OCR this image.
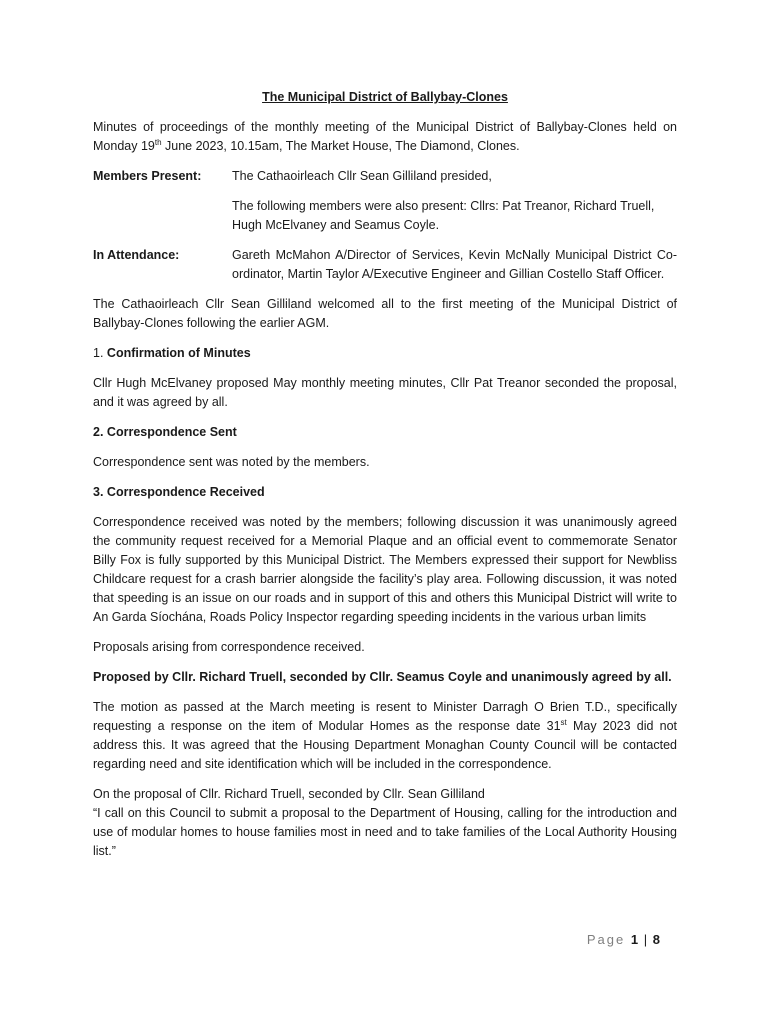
The Municipal District of Ballybay-Clones

Minutes of proceedings of the monthly meeting of the Municipal District of Ballybay-Clones held on Monday 19th June 2023, 10.15am, The Market House, The Diamond, Clones.

Members Present:	The Cathaoirleach Cllr Sean Gilliland presided,

The following members were also present: Cllrs: Pat Treanor, Richard Truell, Hugh McElvaney and Seamus Coyle.

In Attendance:	Gareth McMahon A/Director of Services, Kevin McNally Municipal District Co-ordinator, Martin Taylor A/Executive Engineer and Gillian Costello Staff Officer.

The Cathaoirleach Cllr Sean Gilliland welcomed all to the first meeting of the Municipal District of Ballybay-Clones following the earlier AGM.

1. Confirmation of Minutes

Cllr Hugh McElvaney proposed May monthly meeting minutes, Cllr Pat Treanor seconded the proposal, and it was agreed by all.

2. Correspondence Sent

Correspondence sent was noted by the members.

3. Correspondence Received

Correspondence received was noted by the members; following discussion it was unanimously agreed the community request received for a Memorial Plaque and an official event to commemorate Senator Billy Fox is fully supported by this Municipal District. The Members expressed their support for Newbliss Childcare request for a crash barrier alongside the facility’s play area. Following discussion, it was noted that speeding is an issue on our roads and in support of this and others this Municipal District will write to An Garda Síochána, Roads Policy Inspector regarding speeding incidents in the various urban limits

Proposals arising from correspondence received.

Proposed by Cllr. Richard Truell, seconded by Cllr. Seamus Coyle and unanimously agreed by all.

The motion as passed at the March meeting is resent to Minister Darragh O Brien T.D., specifically requesting a response on the item of Modular Homes as the response date 31st May 2023 did not address this. It was agreed that the Housing Department Monaghan County Council will be contacted regarding need and site identification which will be included in the correspondence.

On the proposal of Cllr. Richard Truell, seconded by Cllr. Sean Gilliland
“I call on this Council to submit a proposal to the Department of Housing, calling for the introduction and use of modular homes to house families most in need and to take families of the Local Authority Housing list.”

Page 1 | 8
